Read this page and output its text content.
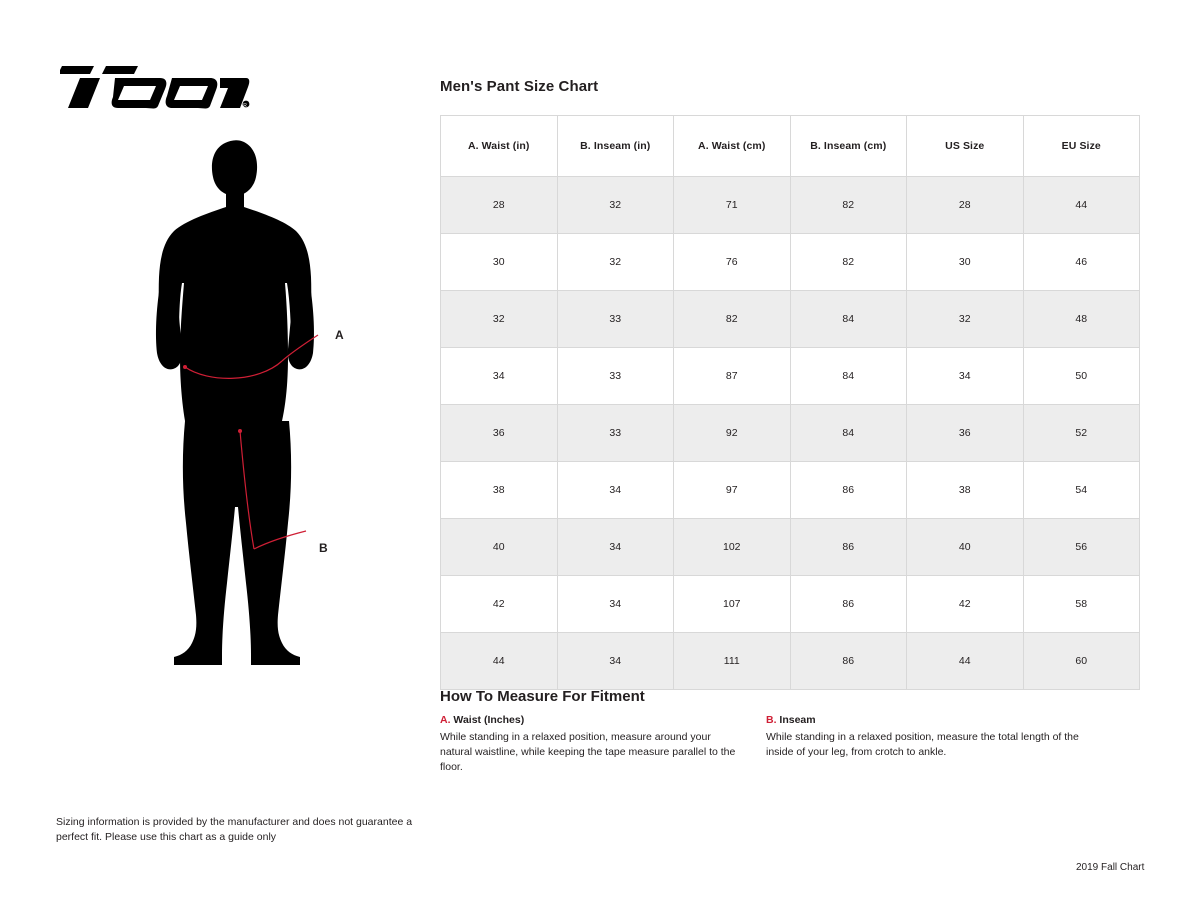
R
A
B
Sizing information is provided by the manufacturer and does not guarantee a perfect fit. Please use this chart as a guide only
Men's Pant Size Chart
A. Waist (in)	B. Inseam (in)	A. Waist (cm)	B. Inseam (cm)	US Size	EU Size
28	32	71	82	28	44
30	32	76	82	30	46
32	33	82	84	32	48
34	33	87	84	34	50
36	33	92	84	36	52
38	34	97	86	38	54
40	34	102	86	40	56
42	34	107	86	42	58
44	34	111	86	44	60
How To Measure For Fitment
A. Waist (Inches)
While standing in a relaxed position, measure around your natural waistline, while keeping the tape measure parallel to the floor.
B. Inseam
While standing in a relaxed position, measure the total length of the inside of your leg, from crotch to ankle.
2019 Fall Chart
